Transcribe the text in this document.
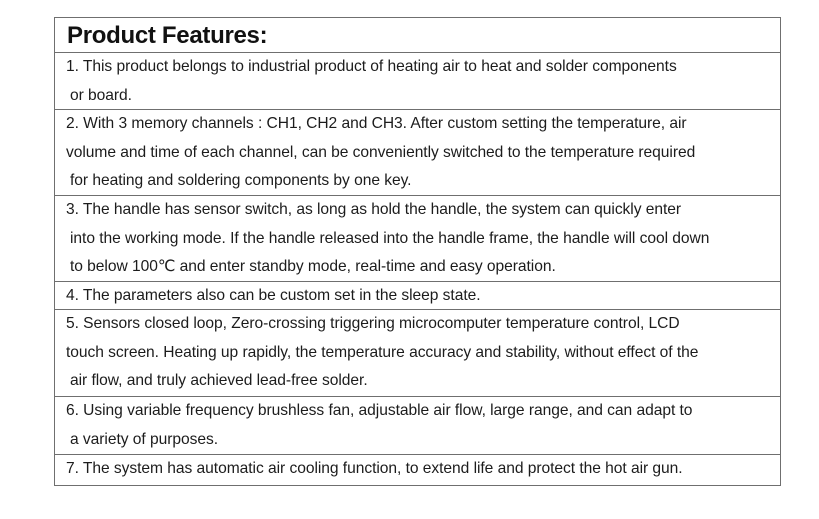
Product Features:
1. This product belongs to industrial product of heating air to heat and solder components
or board.
2. With 3 memory channels : CH1, CH2 and CH3. After custom setting the temperature, air
volume and time of each channel, can be conveniently switched to the temperature required
for heating and soldering components by one key.
3. The handle has sensor switch, as long as hold the handle, the system can quickly enter
into the working mode. If the handle released into the handle frame, the handle will cool down
to below 100℃ and enter standby mode, real-time and easy operation.
4. The parameters also can be custom set in the sleep state.
5. Sensors closed loop, Zero-crossing triggering microcomputer temperature control, LCD
touch screen. Heating up rapidly, the temperature accuracy and stability, without effect of the
air flow, and truly achieved lead-free solder.
6. Using variable frequency brushless fan, adjustable air flow, large range, and can adapt to
a variety of purposes.
7. The system has automatic air cooling function, to extend life and protect the hot air gun.
